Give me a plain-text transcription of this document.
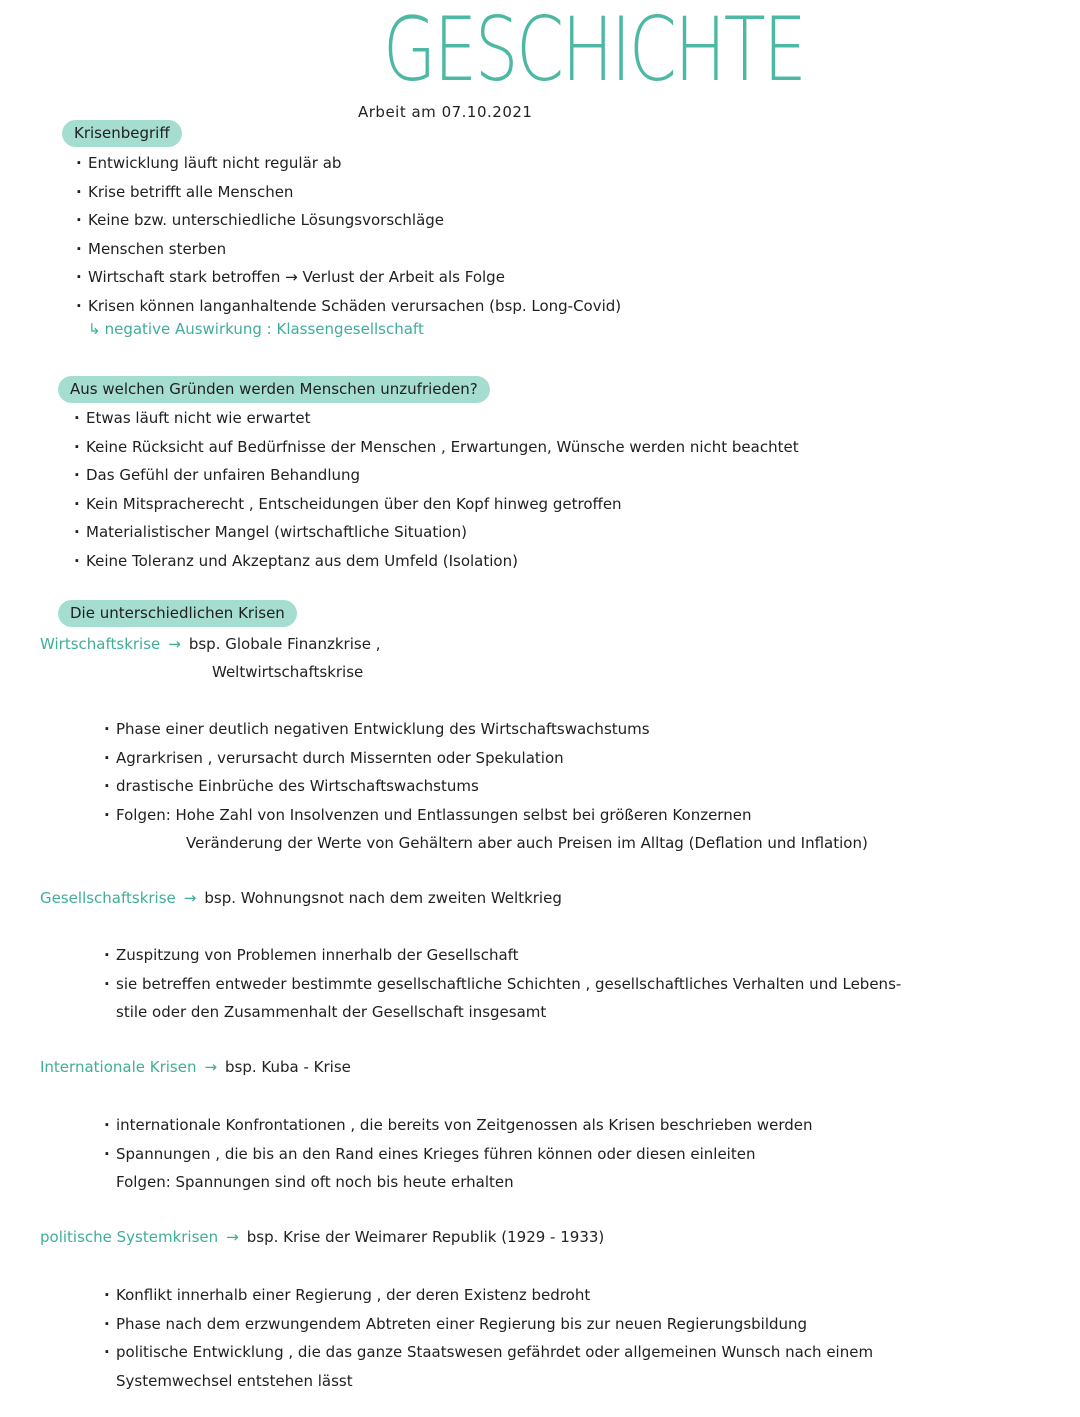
GESCHICHTE
Arbeit am 07.10.2021
Krisenbegriff
· Entwicklung läuft nicht regulär ab
· Krise betrifft alle Menschen
· Keine bzw. unterschiedliche Lösungsvorschläge
· Menschen sterben
· Wirtschaft stark betroffen → Verlust der Arbeit als Folge
· Krisen können langanhaltende Schäden verursachen (bsp. Long-Covid)
↳ negative Auswirkung : Klassengesellschaft
Aus welchen Gründen werden Menschen unzufrieden?
· Etwas läuft nicht wie erwartet
· Keine Rücksicht auf Bedürfnisse der Menschen , Erwartungen, Wünsche werden nicht beachtet
· Das Gefühl der unfairen Behandlung
· Kein Mitspracherecht , Entscheidungen über den Kopf hinweg getroffen
· Materialistischer Mangel (wirtschaftliche Situation)
· Keine Toleranz und Akzeptanz aus dem Umfeld (Isolation)
Die unterschiedlichen Krisen
Wirtschaftskrise → bsp. Globale Finanzkrise ,
Weltwirtschaftskrise
· Phase einer deutlich negativen Entwicklung des Wirtschaftswachstums
· Agrarkrisen , verursacht durch Missernten oder Spekulation
· drastische Einbrüche des Wirtschaftswachstums
· Folgen: Hohe Zahl von Insolvenzen und Entlassungen selbst bei größeren Konzernen
Veränderung der Werte von Gehältern aber auch Preisen im Alltag (Deflation und Inflation)
Gesellschaftskrise → bsp. Wohnungsnot nach dem zweiten Weltkrieg
· Zuspitzung von Problemen innerhalb der Gesellschaft
· sie betreffen entweder bestimmte gesellschaftliche Schichten , gesellschaftliches Verhalten und Lebens-
stile oder den Zusammenhalt der Gesellschaft insgesamt
Internationale Krisen → bsp. Kuba - Krise
· internationale Konfrontationen , die bereits von Zeitgenossen als Krisen beschrieben werden
· Spannungen , die bis an den Rand eines Krieges führen können oder diesen einleiten
Folgen: Spannungen sind oft noch bis heute erhalten
politische Systemkrisen → bsp. Krise der Weimarer Republik (1929 - 1933)
· Konflikt innerhalb einer Regierung , der deren Existenz bedroht
· Phase nach dem erzwungendem Abtreten einer Regierung bis zur neuen Regierungsbildung
· politische Entwicklung , die das ganze Staatswesen gefährdet oder allgemeinen Wunsch nach einem
Systemwechsel entstehen lässt
